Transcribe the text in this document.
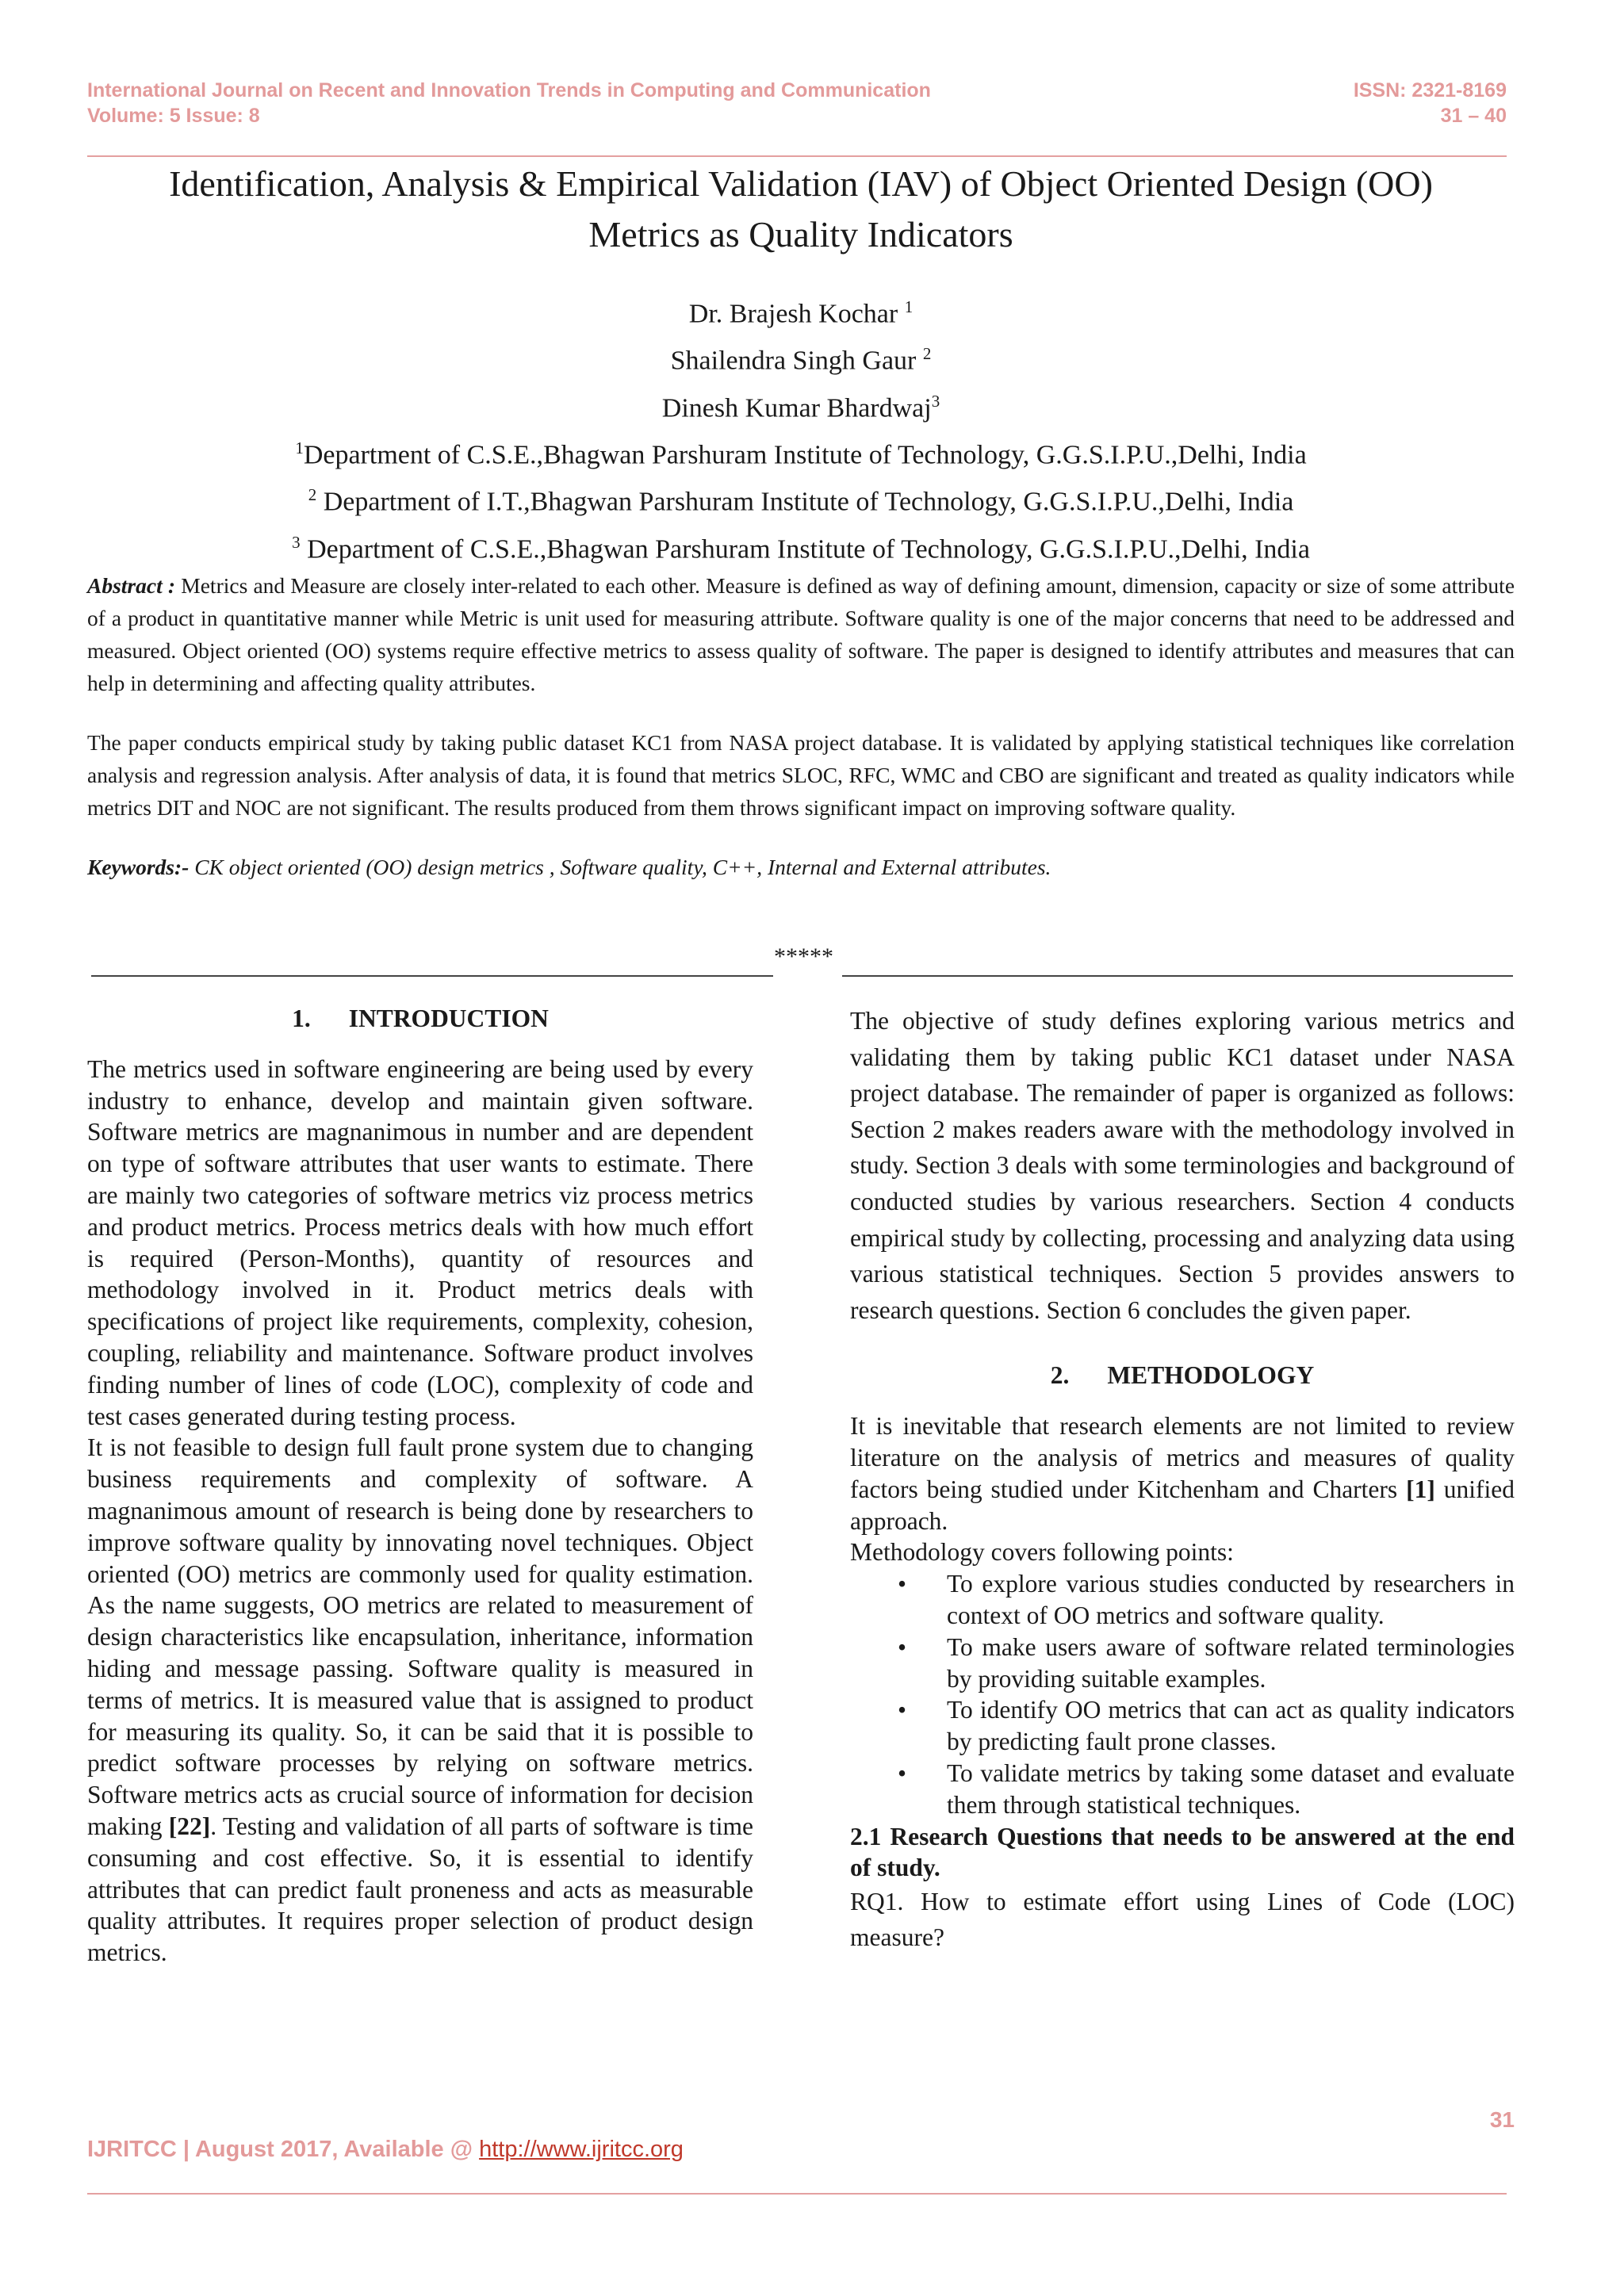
International Journal on Recent and Innovation Trends in Computing and Communication
Volume: 5 Issue: 8
ISSN: 2321-8169
31 – 40
Identification, Analysis & Empirical Validation (IAV) of Object Oriented Design (OO)
Metrics as Quality Indicators
Dr. Brajesh Kochar $^1$
Shailendra Singh Gaur $^2$
Dinesh Kumar Bhardwaj$^3$
$^1$Department of C.S.E.,Bhagwan Parshuram Institute of Technology, G.G.S.I.P.U.,Delhi, India
$^2$ Department of I.T.,Bhagwan Parshuram Institute of Technology, G.G.S.I.P.U.,Delhi, India
$^3$ Department of C.S.E.,Bhagwan Parshuram Institute of Technology, G.G.S.I.P.U.,Delhi, India

Abstract : Metrics and Measure are closely inter-related to each other. Measure is defined as way of defining amount, dimension, capacity or size of some attribute of a product in quantitative manner while Metric is unit used for measuring attribute. Software quality is one of the major concerns that need to be addressed and measured. Object oriented (OO) systems require effective metrics to assess quality of software. The paper is designed to identify attributes and measures that can help in determining and affecting quality attributes.

The paper conducts empirical study by taking public dataset KC1 from NASA project database. It is validated by applying statistical techniques like correlation analysis and regression analysis. After analysis of data, it is found that metrics SLOC, RFC, WMC and CBO are significant and treated as quality indicators while metrics DIT and NOC are not significant. The results produced from them throws significant impact on improving software quality.

Keywords:- CK object oriented (OO) design metrics , Software quality, C++, Internal and External attributes.

*****
1. INTRODUCTION

The metrics used in software engineering are being used by every industry to enhance, develop and maintain given software. Software metrics are magnanimous in number and are dependent on type of software attributes that user wants to estimate. There are mainly two categories of software metrics viz process metrics and product metrics. Process metrics deals with how much effort is required (Person-Months), quantity of resources and methodology involved in it. Product metrics deals with specifications of project like requirements, complexity, cohesion, coupling, reliability and maintenance. Software product involves finding number of lines of code (LOC), complexity of code and test cases generated during testing process.

It is not feasible to design full fault prone system due to changing business requirements and complexity of software. A magnanimous amount of research is being done by researchers to improve software quality by innovating novel techniques. Object oriented (OO) metrics are commonly used for quality estimation. As the name suggests, OO metrics are related to measurement of design characteristics like encapsulation, inheritance, information hiding and message passing. Software quality is measured in terms of metrics. It is measured value that is assigned to product for measuring its quality. So, it can be said that it is possible to predict software processes by relying on software metrics. Software metrics acts as crucial source of information for decision making [22]. Testing and validation of all parts of software is time consuming and cost effective. So, it is essential to identify attributes that can predict fault proneness and acts as measurable quality attributes. It requires proper selection of product design metrics.

The objective of study defines exploring various metrics and validating them by taking public KC1 dataset under NASA project database. The remainder of paper is organized as follows: Section 2 makes readers aware with the methodology involved in study. Section 3 deals with some terminologies and background of conducted studies by various researchers. Section 4 conducts empirical study by collecting, processing and analyzing data using various statistical techniques. Section 5 provides answers to research questions. Section 6 concludes the given paper.

2. METHODOLOGY

It is inevitable that research elements are not limited to review literature on the analysis of metrics and measures of quality factors being studied under Kitchenham and Charters [1] unified approach.

Methodology covers following points:

• To explore various studies conducted by researchers in context of OO metrics and software quality.
• To make users aware of software related terminologies by providing suitable examples.
• To identify OO metrics that can act as quality indicators by predicting fault prone classes.
• To validate metrics by taking some dataset and evaluate them through statistical techniques.

2.1 Research Questions that needs to be answered at the end of study.

RQ1. How to estimate effort using Lines of Code (LOC) measure?

31
IJRITCC | August 2017, Available @ http://www.ijritcc.org
